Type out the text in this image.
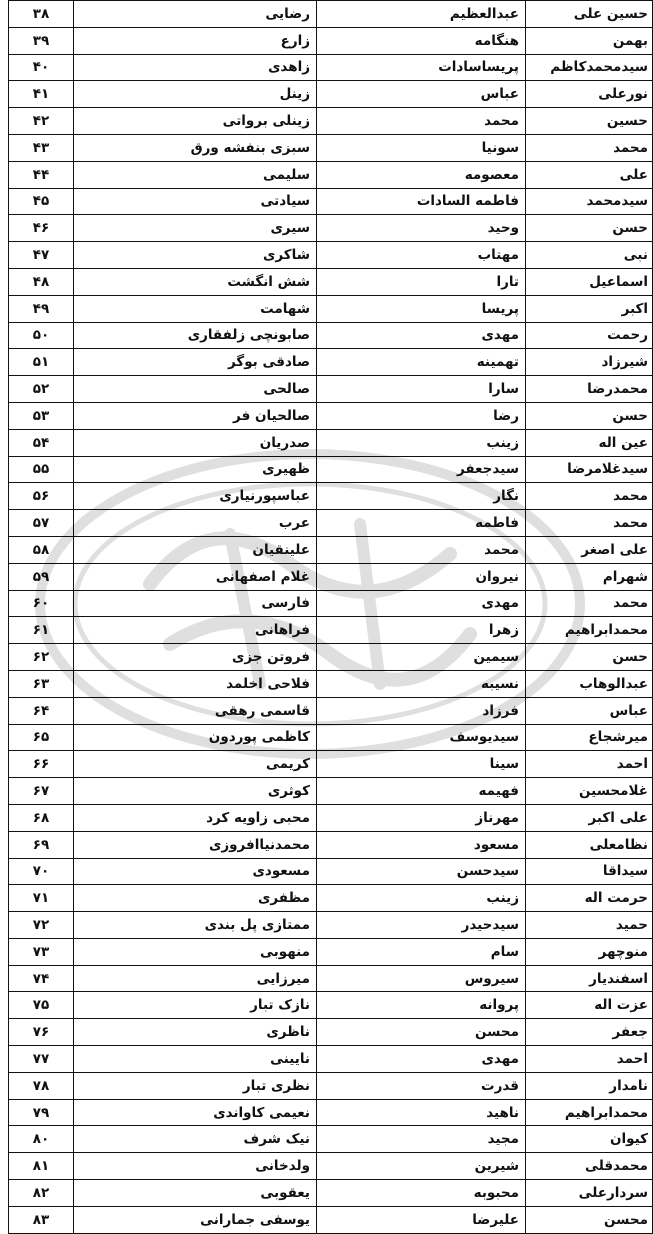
۳۸	رضایی	عبدالعظیم	حسین علی
۳۹	زارع	هنگامه	بهمن
۴۰	زاهدی	پریساسادات	سیدمحمدکاظم
۴۱	زینل	عباس	نورعلی
۴۲	زینلی برواتی	محمد	حسین
۴۳	سبزی بنفشه ورق	سونیا	محمد
۴۴	سلیمی	معصومه	علی
۴۵	سیادتی	فاطمه السادات	سیدمحمد
۴۶	سیری	وحید	حسن
۴۷	شاکری	مهتاب	نبی
۴۸	شش انگشت	تارا	اسماعیل
۴۹	شهامت	پریسا	اکبر
۵۰	صابونچی زلفقاری	مهدی	رحمت
۵۱	صادقی بوگر	تهمینه	شیرزاد
۵۲	صالحی	سارا	محمدرضا
۵۳	صالحیان فر	رضا	حسن
۵۴	صدریان	زینب	عین اله
۵۵	ظهیری	سیدجعفر	سیدغلامرضا
۵۶	عباسپورنیاری	نگار	محمد
۵۷	عرب	فاطمه	محمد
۵۸	علینقیان	محمد	علی اصغر
۵۹	غلام اصفهانی	نیروان	شهرام
۶۰	فارسی	مهدی	محمد
۶۱	فراهانی	زهرا	محمدابراهیم
۶۲	فروتن جزی	سیمین	حسن
۶۳	فلاحی اخلمد	نسیبه	عبدالوهاب
۶۴	قاسمی رهقی	فرزاد	عباس
۶۵	کاظمی پوردون	سیدیوسف	میرشجاع
۶۶	کریمی	سینا	احمد
۶۷	کوثری	فهیمه	غلامحسین
۶۸	محبی زاویه کرد	مهرناز	علی اکبر
۶۹	محمدنیاافروزی	مسعود	نظامعلی
۷۰	مسعودی	سیدحسن	سیداقا
۷۱	مظفری	زینب	حرمت اله
۷۲	ممتازی پل بندی	سیدحیدر	حمید
۷۳	منهوبی	سام	منوچهر
۷۴	میرزایی	سیروس	اسفندیار
۷۵	نازک تبار	پروانه	عزت اله
۷۶	ناظری	محسن	جعفر
۷۷	نایینی	مهدی	احمد
۷۸	نظری تبار	قدرت	نامدار
۷۹	نعیمی کاواندی	ناهید	محمدابراهیم
۸۰	نیک شرف	مجید	کیوان
۸۱	ولدخانی	شیرین	محمدقلی
۸۲	یعقوبی	محبوبه	سردارعلی
۸۳	یوسفی جمارانی	علیرضا	محسن
